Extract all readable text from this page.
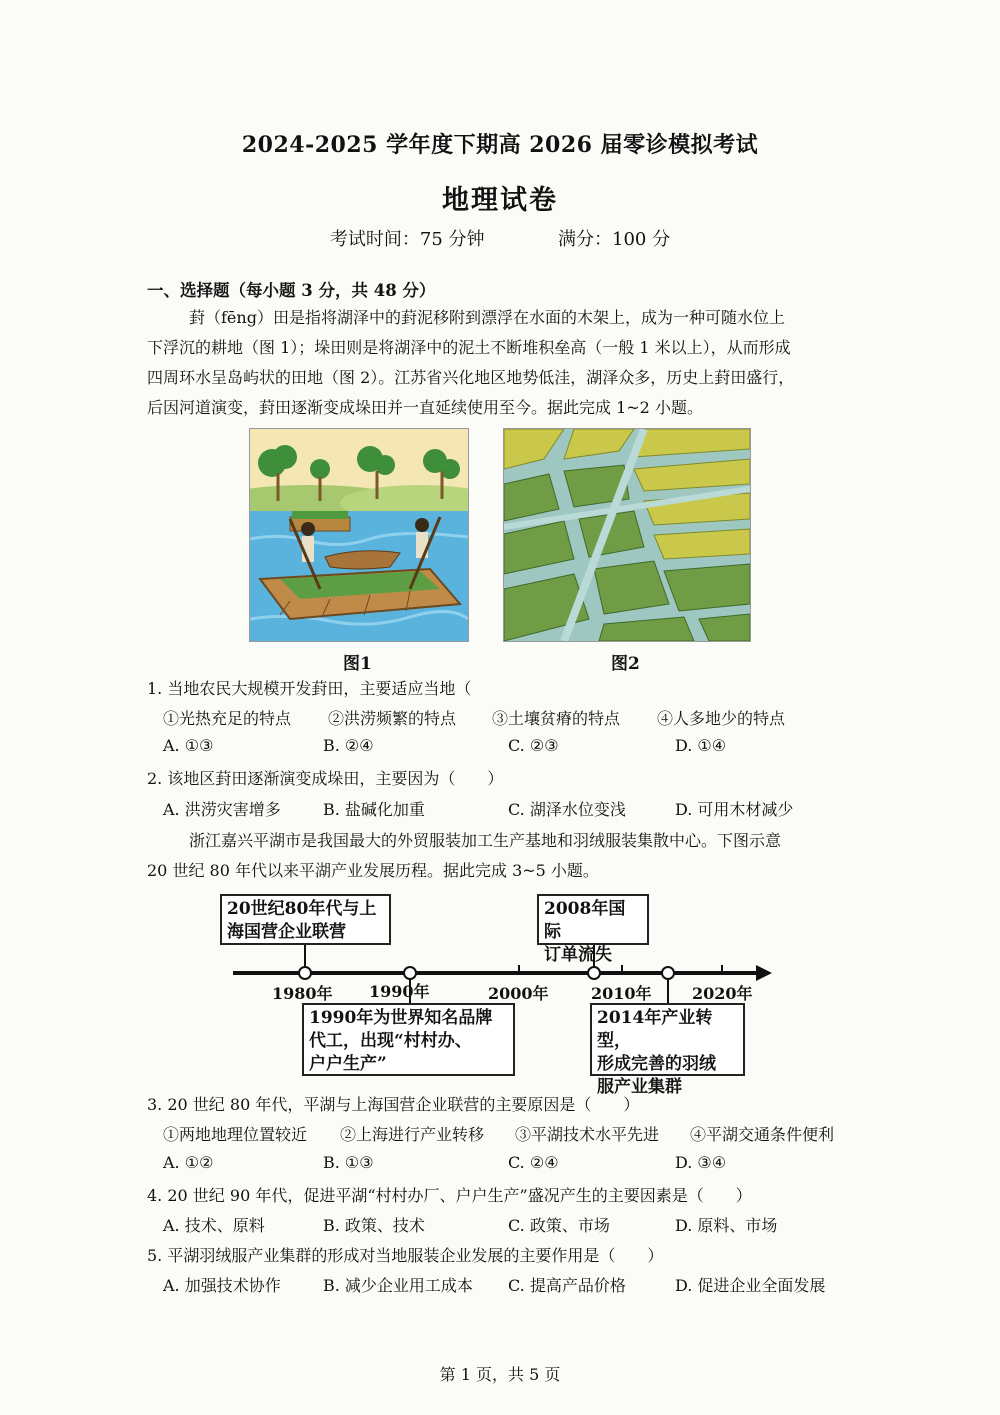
2024-2025 学年度下期高 2026 届零诊模拟考试
地理试卷
考试时间：75 分钟	满分：100 分
一、选择题（每小题 3 分，共 48 分）

葑（fēng）田是指将湖泽中的葑泥移附到漂浮在水面的木架上，成为一种可随水位上

下浮沉的耕地（图 1）；垛田则是将湖泽中的泥土不断堆积垒高（一般 1 米以上），从而形成

四周环水呈岛屿状的田地（图 2）。江苏省兴化地区地势低洼，湖泽众多，历史上葑田盛行，

后因河道演变，葑田逐渐变成垛田并一直延续使用至今。据此完成 1~2 小题。

图1	图2
1. 当地农民大规模开发葑田，主要适应当地（
①光热充足的特点 ②洪涝频繁的特点 ③土壤贫瘠的特点 ④人多地少的特点
A. ①③	B. ②④	C. ②③	D. ①④
2. 该地区葑田逐渐演变成垛田，主要因为（　　）
A. 洪涝灾害增多	B. 盐碱化加重	C. 湖泽水位变浅	D. 可用木材减少

浙江嘉兴平湖市是我国最大的外贸服装加工生产基地和羽绒服装集散中心。下图示意

20 世纪 80 年代以来平湖产业发展历程。据此完成 3~5 小题。

20世纪80年代与上
海国营企业联营
2008年国际
订单流失
1990年为世界知名品牌
代工，出现“村村办、
户户生产”
2014年产业转型，
形成完善的羽绒
服产业集群
1980年 1990年	2000年	2010年	2020年
3. 20 世纪 80 年代，平湖与上海国营企业联营的主要原因是（　　）
①两地地理位置较近 ②上海进行产业转移 ③平湖技术水平先进 ④平湖交通条件便利
A. ①②	B. ①③	C. ②④	D. ③④
4. 20 世纪 90 年代，促进平湖“村村办厂、户户生产”盛况产生的主要因素是（　　）
A. 技术、原料	B. 政策、技术	C. 政策、市场	D. 原料、市场
5. 平湖羽绒服产业集群的形成对当地服装企业发展的主要作用是（　　）
A. 加强技术协作	B. 减少企业用工成本 C. 提高产品价格	D. 促进企业全面发展
第 1 页，共 5 页
